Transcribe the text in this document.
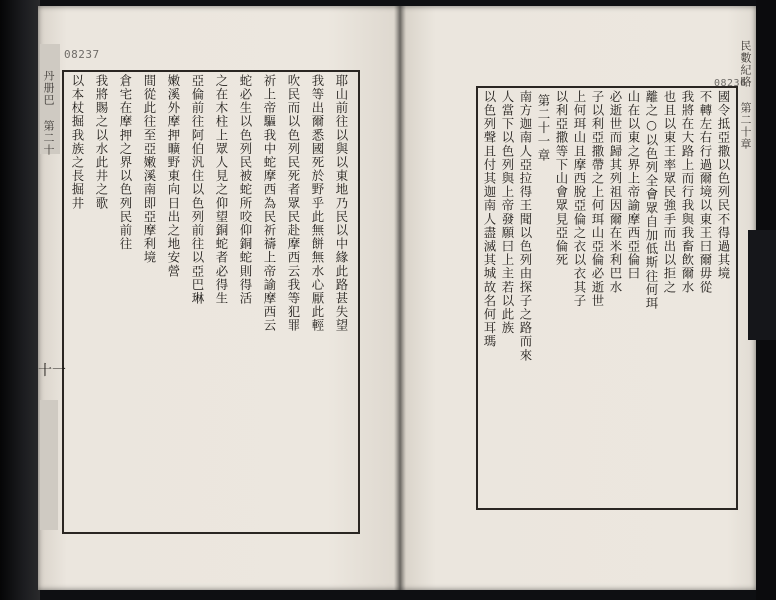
08237
08236
丹册巴 第二十	民數紀略 第二十章
耶山前往以與以東地乃民以中緣此路甚失望
我等出爾悉國死於野乎此無餅無水心厭此輕
吹民而以色列民死者眾民赴摩西云我等犯罪
祈上帝驅我中蛇摩西為民祈禱上帝諭摩西云
蛇必生以色列民被蛇所咬仰銅蛇則得活
之在木柱上眾人見之仰望銅蛇者必得生
亞倫前往阿伯汎住以色列前往以亞巴琳
嫩溪外摩押曠野東向日出之地安營
間從此往至亞嫩溪南即亞摩利境
倉宅在摩押之界以色列民前往
我將賜之以水此井之歌
以本杖掘我族之長掘井
十一
國令抵亞撒以色列民不得過其境
不轉左右行過爾境以東王曰爾毋從
我將在大路上而行我與我畜飲爾水
也且以東王率眾民強手而出以拒之
離之○以色列全會眾自加低斯往何珥
山在以東之界上帝諭摩西亞倫曰
必逝世而歸其列祖因爾在米利巴水
子以利亞撒帶之上何珥山亞倫必逝世
上何珥山且摩西脫亞倫之衣以衣其子
以利亞撒等下山會眾見亞倫死
第二十一章
南方迦南人亞拉得王聞以色列由探子之路而來
人當下以色列與上帝發願曰上主若以此族
以色列聲且付其迦南人盡滅其城故名何耳瑪
